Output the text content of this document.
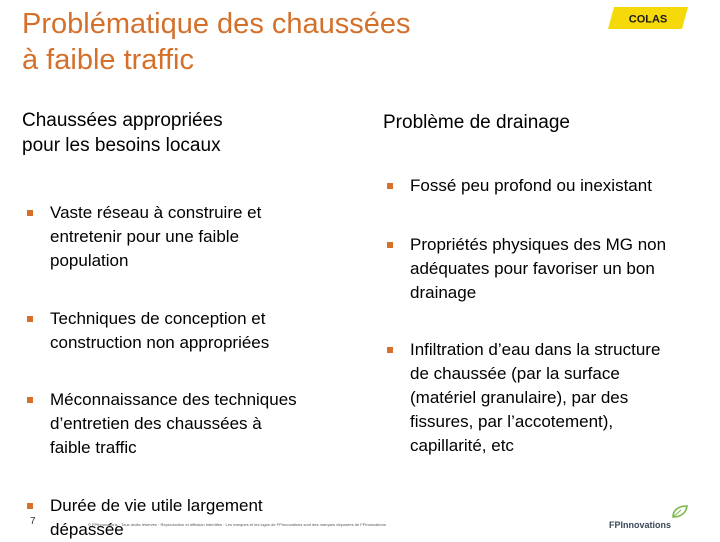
Problématique des chaussées
à faible traffic
COLAS
Chaussées appropriées
pour les besoins locaux
Problème de drainage
Vaste réseau à construire et
entretenir pour une faible
population
Techniques de conception et
construction non appropriées
Méconnaissance des techniques
d’entretien des chaussées à
faible traffic
Durée de vie utile largement
dépassée
Fossé peu profond ou inexistant
Propriétés physiques des MG non
adéquates pour favoriser un bon
drainage
Infiltration d’eau dans la structure
de chaussée (par la surface
(matériel granulaire), par des
fissures, par l’accotement),
capillarité, etc
7	© FPInnovations · Tous droits réservés · Reproduction et diffusion interdites · Les marques et les logos de FPInnovations sont des marques déposées de FPInnovations	FPInnovations
